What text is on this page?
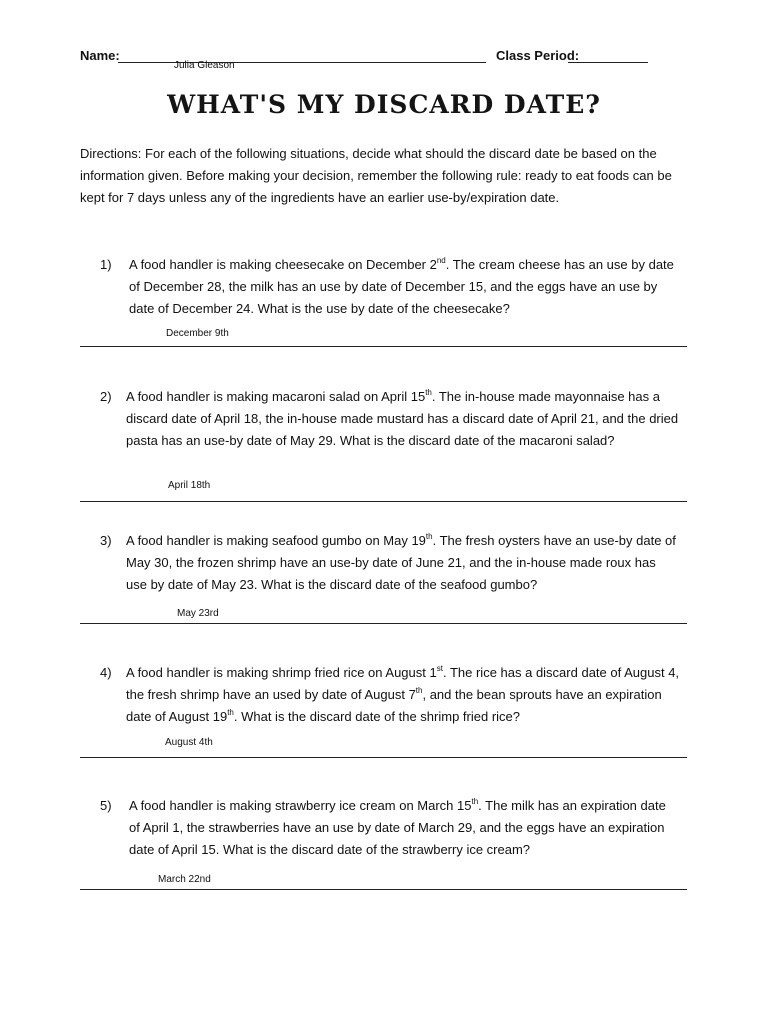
Name:
Julia Gleason
Class Period:
WHAT'S MY DISCARD DATE?
Directions: For each of the following situations, decide what should the discard date be based on the information given. Before making your decision, remember the following rule: ready to eat foods can be kept for 7 days unless any of the ingredients have an earlier use-by/expiration date.
1) A food handler is making cheesecake on December 2nd. The cream cheese has an use by date of December 28, the milk has an use by date of December 15, and the eggs have an use by date of December 24. What is the use by date of the cheesecake?
December 9th
2) A food handler is making macaroni salad on April 15th. The in-house made mayonnaise has a discard date of April 18, the in-house made mustard has a discard date of April 21, and the dried pasta has an use-by date of May 29. What is the discard date of the macaroni salad?
April 18th
3) A food handler is making seafood gumbo on May 19th. The fresh oysters have an use-by date of May 30, the frozen shrimp have an use-by date of June 21, and the in-house made roux has use by date of May 23. What is the discard date of the seafood gumbo?
May 23rd
4) A food handler is making shrimp fried rice on August 1st. The rice has a discard date of August 4, the fresh shrimp have an used by date of August 7th, and the bean sprouts have an expiration date of August 19th. What is the discard date of the shrimp fried rice?
August 4th
5) A food handler is making strawberry ice cream on March 15th. The milk has an expiration date of April 1, the strawberries have an use by date of March 29, and the eggs have an expiration date of April 15. What is the discard date of the strawberry ice cream?
March 22nd
